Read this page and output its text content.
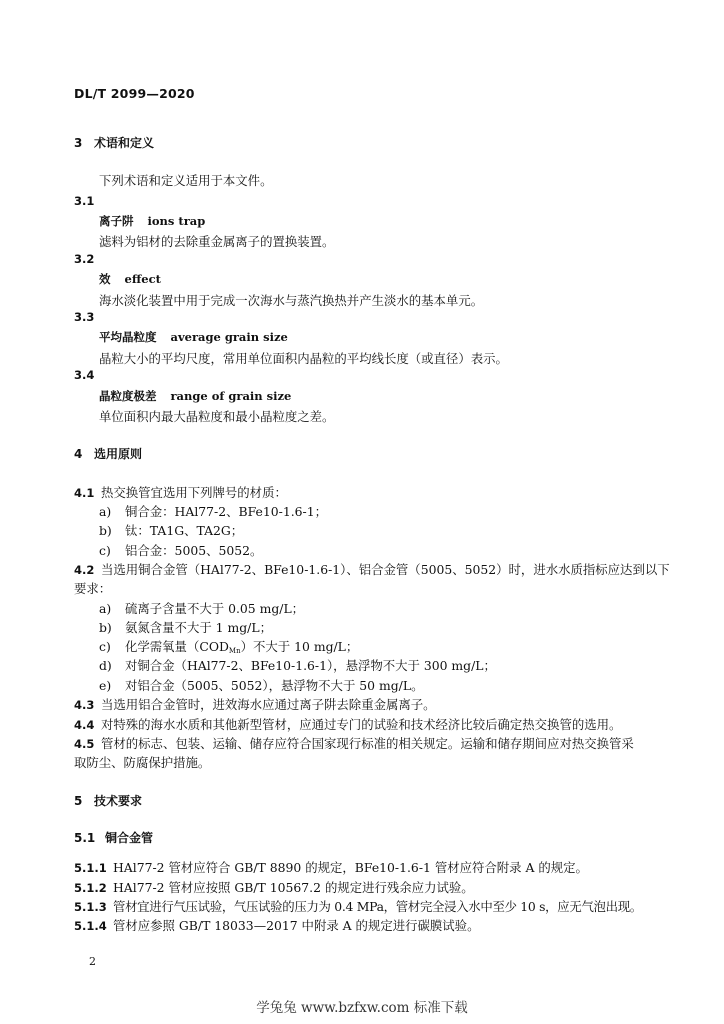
DL/T 2099—2020
3 术语和定义
下列术语和定义适用于本文件。
3.1
离子阱 ions trap
滤料为铝材的去除重金属离子的置换装置。
3.2
效 effect
海水淡化装置中用于完成一次海水与蒸汽换热并产生淡水的基本单元。
3.3
平均晶粒度 average grain size
晶粒大小的平均尺度，常用单位面积内晶粒的平均线长度（或直径）表示。
3.4
晶粒度极差 range of grain size
单位面积内最大晶粒度和最小晶粒度之差。
4 选用原则
4.1 热交换管宜选用下列牌号的材质：
a) 铜合金：HAl77-2、BFe10-1.6-1；
b) 钛：TA1G、TA2G；
c) 铝合金：5005、5052。
4.2 当选用铜合金管（HAl77-2、BFe10-1.6-1）、铝合金管（5005、5052）时，进水水质指标应达到以下
要求：
a) 硫离子含量不大于 0.05 mg/L；
b) 氨氮含量不大于 1 mg/L；
c) 化学需氧量$(COD_{Mn})$不大于 10 mg/L；
d) 对铜合金（HAl77-2、BFe10-1.6-1），悬浮物不大于 300 mg/L；
e) 对铝合金（5005、5052），悬浮物不大于 50 mg/L。
4.3 当选用铝合金管时，进效海水应通过离子阱去除重金属离子。
4.4 对特殊的海水水质和其他新型管材，应通过专门的试验和技术经济比较后确定热交换管的选用。
4.5 管材的标志、包装、运输、储存应符合国家现行标准的相关规定。运输和储存期间应对热交换管采
取防尘、防腐保护措施。
5 技术要求
5.1 铜合金管
5.1.1 HAl77-2 管材应符合 GB/T 8890 的规定，BFe10-1.6-1 管材应符合附录 A 的规定。
5.1.2 HAl77-2 管材应按照 GB/T 10567.2 的规定进行残余应力试验。
5.1.3 管材宜进行气压试验，气压试验的压力为 0.4 MPa，管材完全浸入水中至少 10 s，应无气泡出现。
5.1.4 管材应参照 GB/T 18033—2017 中附录 A 的规定进行碳膜试验。
2
学兔兔 www.bzfxw.com 标准下载
